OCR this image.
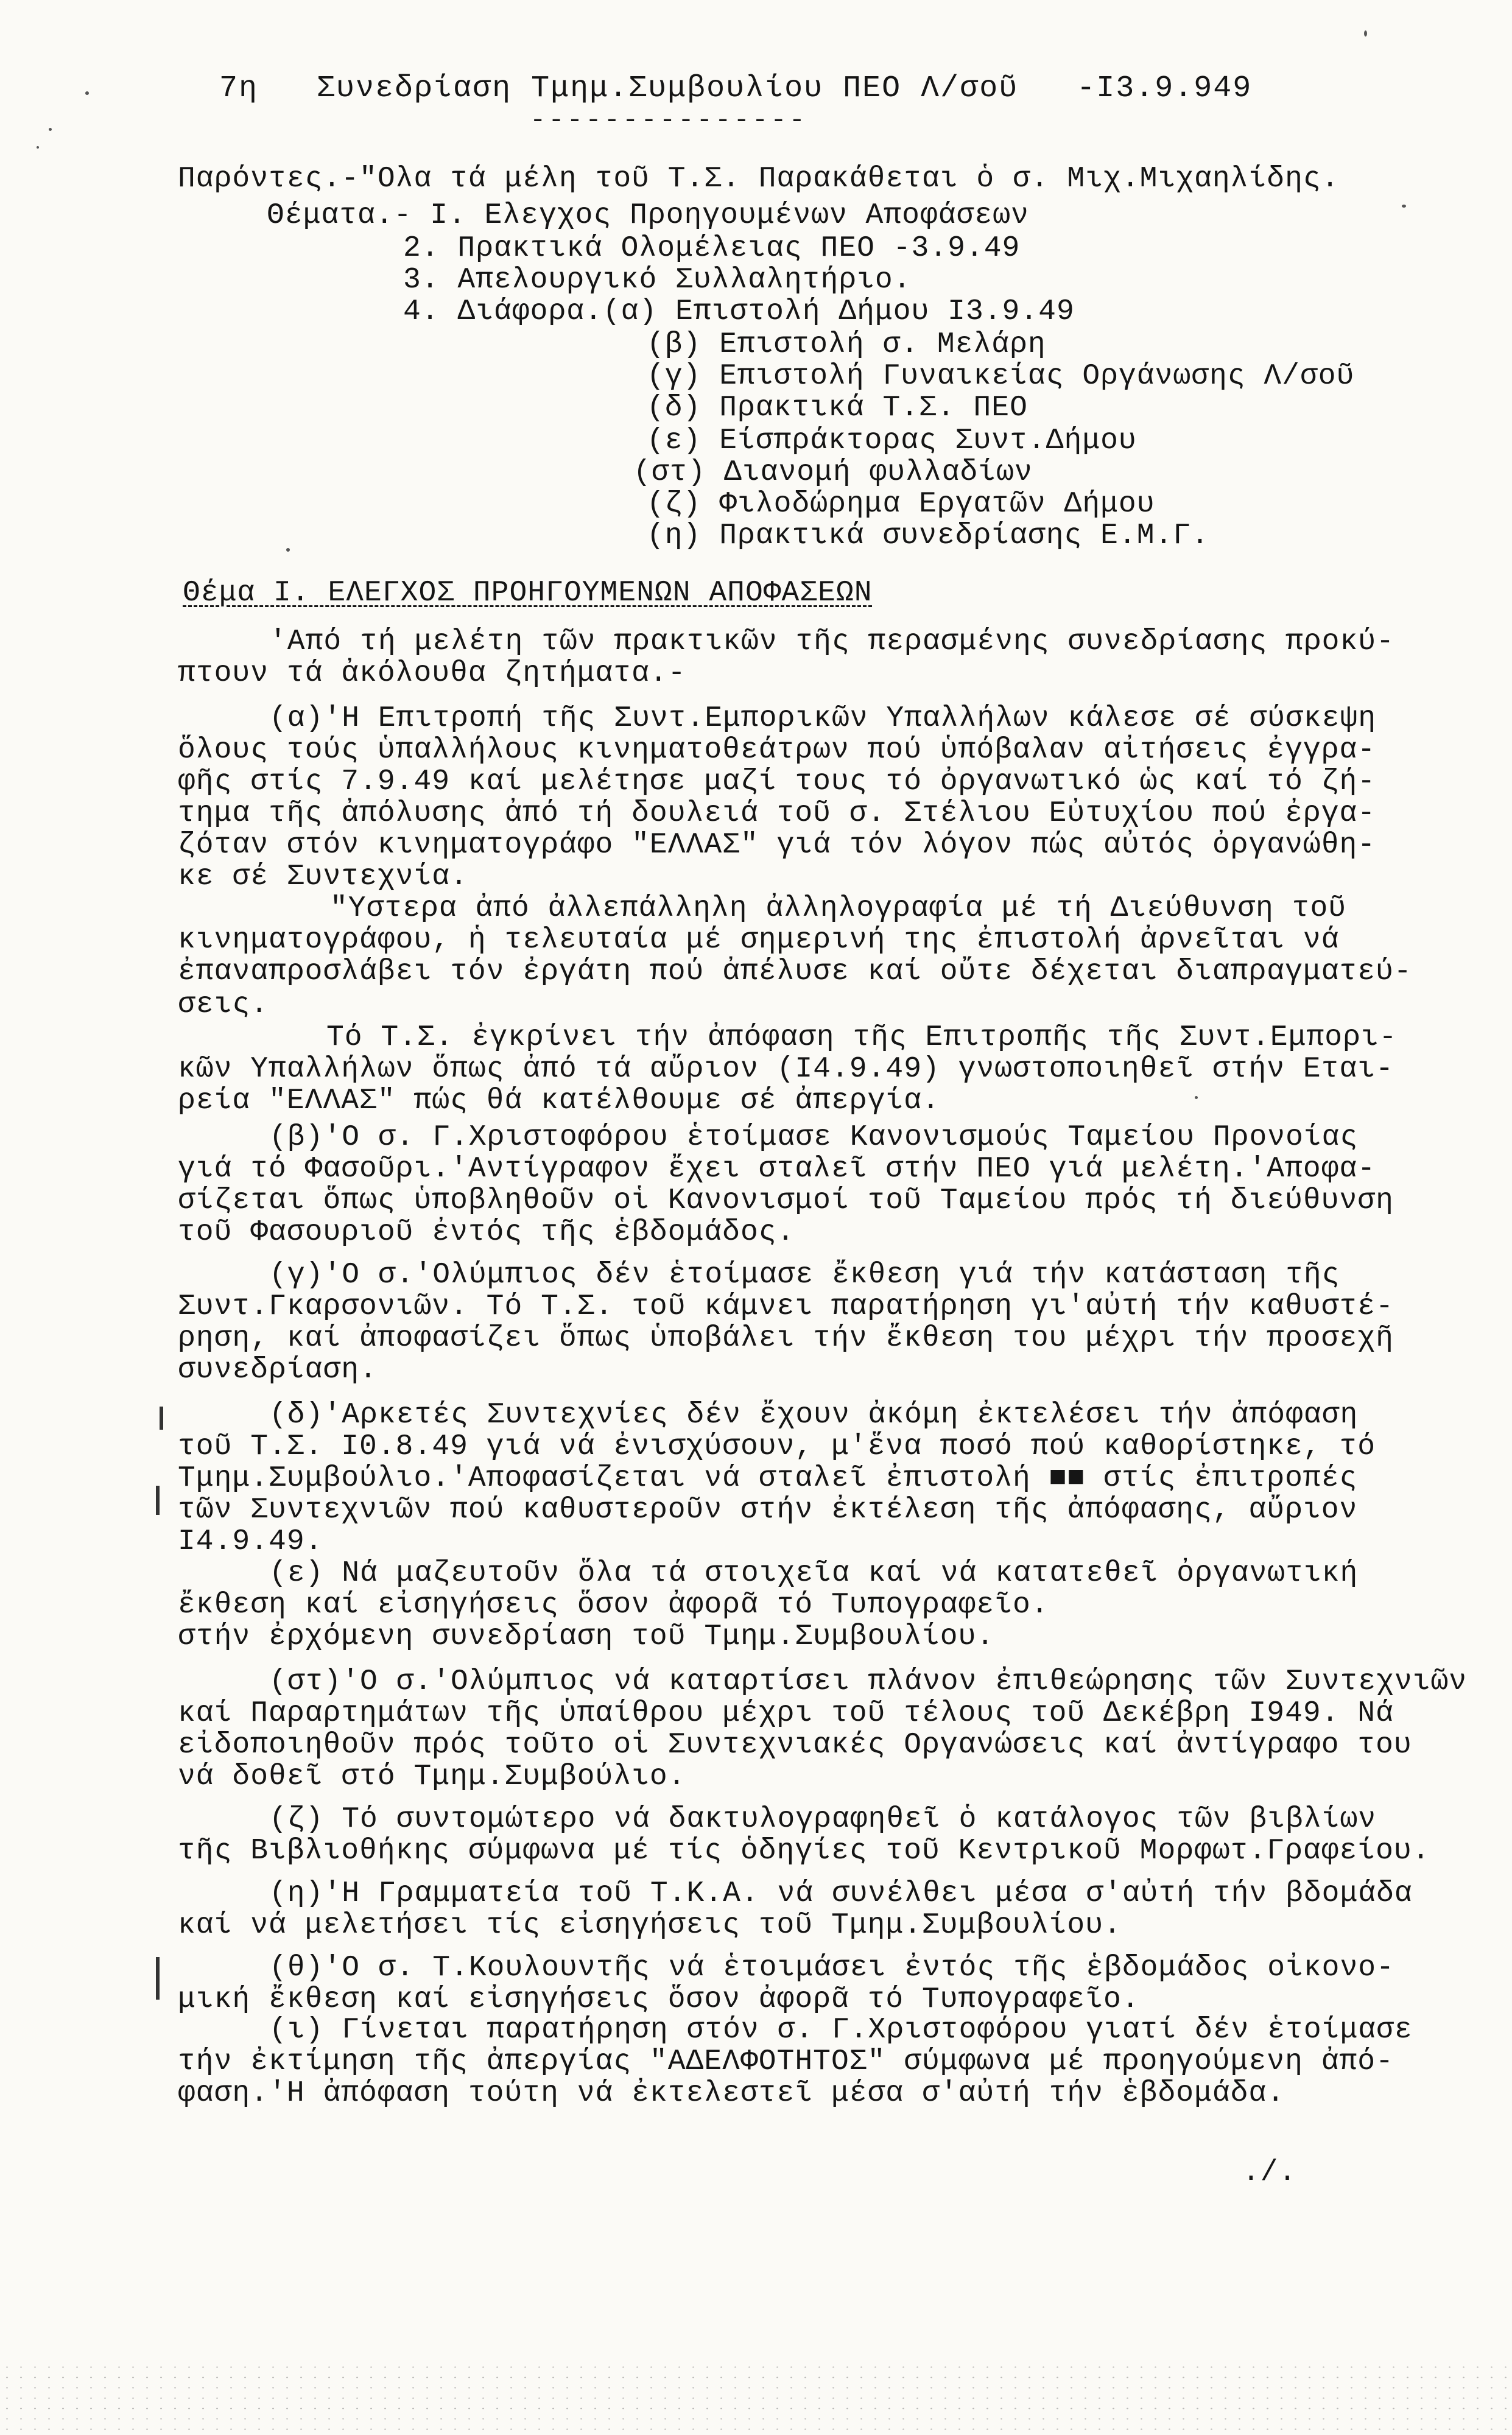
7η   Συνεδρίαση Τμημ.Συμβουλίου ΠΕΟ Λ/σοῦ   -Ι3.9.949
---------------
Παρόντες.-"Ολα τά μέλη τοῦ Τ.Σ. Παρακάθεται ὁ σ. Μιχ.Μιχαηλίδης.
Θέματα.- Ι. Ελεγχος Προηγουμένων Αποφάσεων
2. Πρακτικά Ολομέλειας ΠΕΟ -3.9.49
3. Απελουργικό Συλλαλητήριο.
4. Διάφορα.(α) Επιστολή Δήμου Ι3.9.49
(β) Επιστολή σ. Μελάρη
(γ) Επιστολή Γυναικείας Οργάνωσης Λ/σοῦ
(δ) Πρακτικά Τ.Σ. ΠΕΟ
(ε) Είσπράκτορας Συντ.Δήμου
(στ) Διανομή φυλλαδίων
(ζ) Φιλοδώρημα Εργατῶν Δήμου
(η) Πρακτικά συνεδρίασης Ε.Μ.Γ.
Θέμα Ι. ΕΛΕΓΧΟΣ ΠΡΟΗΓΟΥΜΕΝΩΝ ΑΠΟΦΑΣΕΩΝ
'Από τή μελέτη τῶν πρακτικῶν τῆς περασμένης συνεδρίασης προκύ-
πτουν τά ἀκόλουθα ζητήματα.-
(α)'Η Επιτροπή τῆς Συντ.Εμπορικῶν Υπαλλήλων κάλεσε σέ σύσκεψη
ὅλους τούς ὑπαλλήλους κινηματοθεάτρων πού ὑπόβαλαν αἰτήσεις ἐγγρα-
φῆς στίς 7.9.49 καί μελέτησε μαζί τους τό ὀργανωτικό ὡς καί τό ζή-
τημα τῆς ἀπόλυσης ἀπό τή δουλειά τοῦ σ. Στέλιου Εὐτυχίου πού ἐργα-
ζόταν στόν κινηματογράφο "ΕΛΛΑΣ" γιά τόν λόγον πώς αὐτός ὀργανώθη-
κε σέ Συντεχνία.
"Υστερα ἀπό ἀλλεπάλληλη ἀλληλογραφία μέ τή Διεύθυνση τοῦ
κινηματογράφου, ἡ τελευταία μέ σημερινή της ἐπιστολή ἀρνεῖται νά
ἐπαναπροσλάβει τόν ἐργάτη πού ἀπέλυσε καί οὔτε δέχεται διαπραγματεύ-
σεις.
Τό Τ.Σ. ἐγκρίνει τήν ἀπόφαση τῆς Επιτροπῆς τῆς Συντ.Εμπορι-
κῶν Υπαλλήλων ὅπως ἀπό τά αὔριον (Ι4.9.49) γνωστοποιηθεῖ στήν Εται-
ρεία "ΕΛΛΑΣ" πώς θά κατέλθουμε σέ ἀπεργία.
(β)'Ο σ. Γ.Χριστοφόρου ἑτοίμασε Κανονισμούς Ταμείου Προνοίας
γιά τό Φασοῦρι.'Αντίγραφον ἔχει σταλεῖ στήν ΠΕΟ γιά μελέτη.'Αποφα-
σίζεται ὅπως ὑποβληθοῦν οἱ Κανονισμοί τοῦ Ταμείου πρός τή διεύθυνση
τοῦ Φασουριοῦ ἐντός τῆς ἑβδομάδος.
(γ)'Ο σ.'Ολύμπιος δέν ἑτοίμασε ἔκθεση γιά τήν κατάσταση τῆς
Συντ.Γκαρσονιῶν. Τό Τ.Σ. τοῦ κάμνει παρατήρηση γι'αὐτή τήν καθυστέ-
ρηση, καί ἀποφασίζει ὅπως ὑποβάλει τήν ἔκθεση του μέχρι τήν προσεχῆ
συνεδρίαση.
(δ)'Αρκετές Συντεχνίες δέν ἔχουν ἀκόμη ἐκτελέσει τήν ἀπόφαση
τοῦ Τ.Σ. Ι0.8.49 γιά νά ἐνισχύσουν, μ'ἕνα ποσό πού καθορίστηκε, τό
Τμημ.Συμβούλιο.'Αποφασίζεται νά σταλεῖ ἐπιστολή ■■ στίς ἐπιτροπές
τῶν Συντεχνιῶν πού καθυστεροῦν στήν ἐκτέλεση τῆς ἀπόφασης, αὔριον
Ι4.9.49.
(ε) Νά μαζευτοῦν ὅλα τά στοιχεῖα καί νά κατατεθεῖ ὀργανωτική
ἔκθεση καί εἰσηγήσεις ὅσον ἀφορᾶ τό Τυπογραφεῖο.
στήν ἐρχόμενη συνεδρίαση τοῦ Τμημ.Συμβουλίου.
(στ)'Ο σ.'Ολύμπιος νά καταρτίσει πλάνον ἐπιθεώρησης τῶν Συντεχνιῶν
καί Παραρτημάτων τῆς ὑπαίθρου μέχρι τοῦ τέλους τοῦ Δεκέβρη Ι949. Νά
εἰδοποιηθοῦν πρός τοῦτο οἱ Συντεχνιακές Οργανώσεις καί ἀντίγραφο του
νά δοθεῖ στό Τμημ.Συμβούλιο.
(ζ) Τό συντομώτερο νά δακτυλογραφηθεῖ ὁ κατάλογος τῶν βιβλίων
τῆς Βιβλιοθήκης σύμφωνα μέ τίς ὁδηγίες τοῦ Κεντρικοῦ Μορφωτ.Γραφείου.
(η)'Η Γραμματεία τοῦ Τ.Κ.Α. νά συνέλθει μέσα σ'αὐτή τήν βδομάδα
καί νά μελετήσει τίς εἰσηγήσεις τοῦ Τμημ.Συμβουλίου.
(θ)'Ο σ. Τ.Κουλουντῆς νά ἑτοιμάσει ἐντός τῆς ἑβδομάδος οἰκονο-
μική ἔκθεση καί εἰσηγήσεις ὅσον ἀφορᾶ τό Τυπογραφεῖο.
(ι) Γίνεται παρατήρηση στόν σ. Γ.Χριστοφόρου γιατί δέν ἑτοίμασε
τήν ἐκτίμηση τῆς ἀπεργίας "ΑΔΕΛΦΟΤΗΤΟΣ" σύμφωνα μέ προηγούμενη ἀπό-
φαση.'Η ἀπόφαση τούτη νά ἐκτελεστεῖ μέσα σ'αὐτή τήν ἑβδομάδα.
./.
